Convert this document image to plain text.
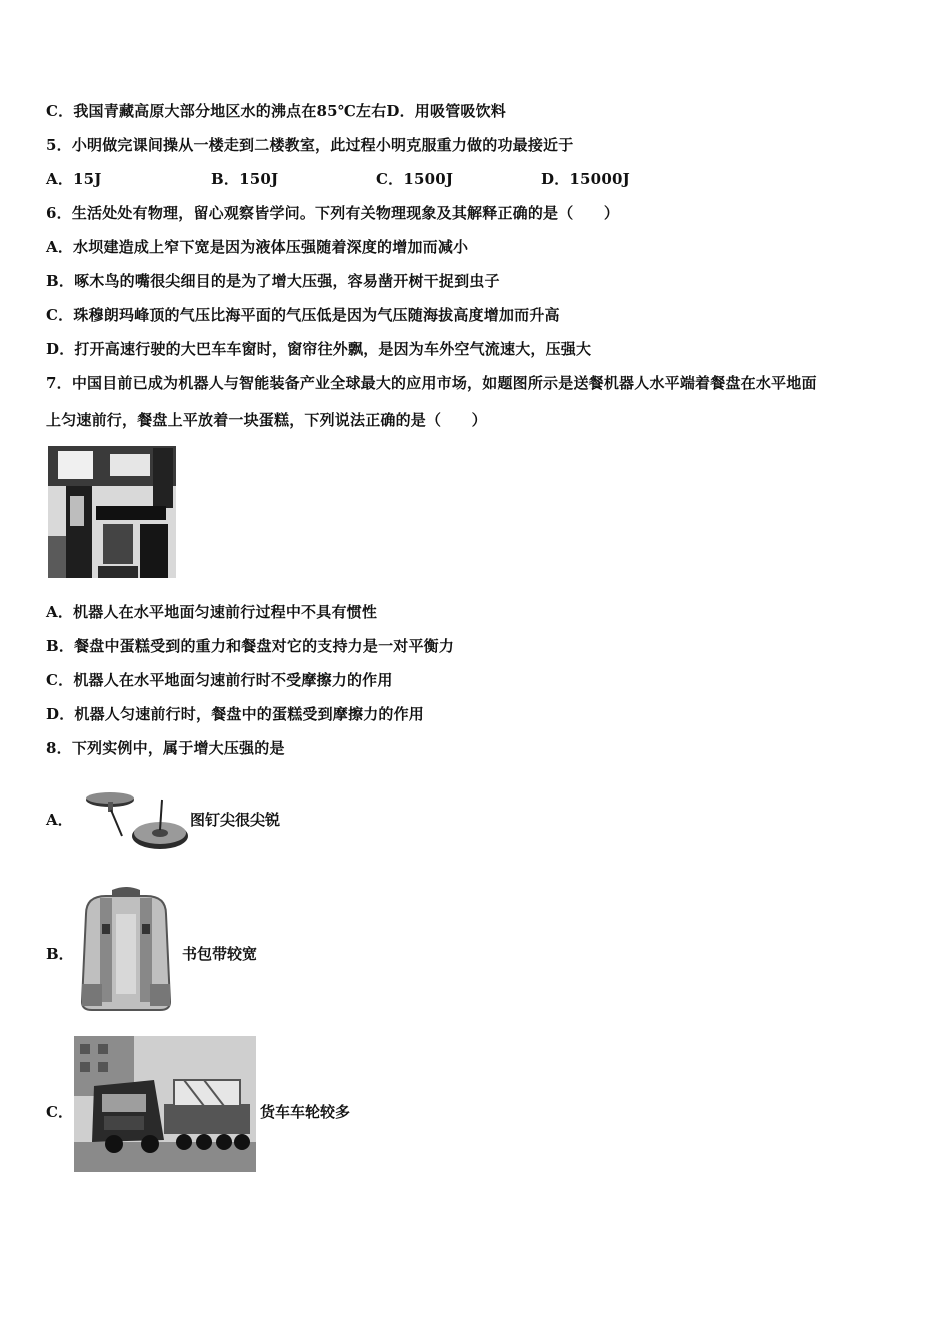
C．我国青藏高原大部分地区水的沸点在85℃左右D．用吸管吸饮料
5．小明做完课间操从一楼走到二楼教室，此过程小明克服重力做的功最接近于
A．15J	B．150J	C．1500J	D．15000J
6．生活处处有物理，留心观察皆学问。下列有关物理现象及其解释正确的是（　　）
A．水坝建造成上窄下宽是因为液体压强随着深度的增加而减小
B．啄木鸟的嘴很尖细目的是为了增大压强，容易凿开树干捉到虫子
C．珠穆朗玛峰顶的气压比海平面的气压低是因为气压随海拔高度增加而升高
D．打开高速行驶的大巴车车窗时，窗帘往外飘，是因为车外空气流速大，压强大
7．中国目前已成为机器人与智能装备产业全球最大的应用市场，如题图所示是送餐机器人水平端着餐盘在水平地面
上匀速前行，餐盘上平放着一块蛋糕，下列说法正确的是（　　）
A．机器人在水平地面匀速前行过程中不具有惯性
B．餐盘中蛋糕受到的重力和餐盘对它的支持力是一对平衡力
C．机器人在水平地面匀速前行时不受摩擦力的作用
D．机器人匀速前行时，餐盘中的蛋糕受到摩擦力的作用
8．下列实例中，属于增大压强的是
A．	图钉尖很尖锐
B．	书包带较宽
C．	货车车轮较多
